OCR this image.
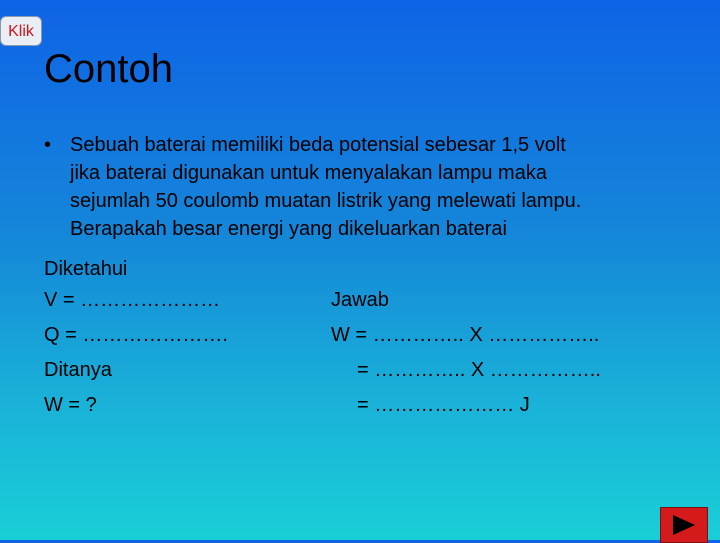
Klik
Contoh
• Sebuah baterai memiliki beda potensial sebesar 1,5 volt
jika baterai digunakan untuk menyalakan lampu maka
sejumlah 50 coulomb muatan listrik yang melewati lampu.
Berapakah besar energi yang dikeluarkan baterai
Diketahui
V = …………………
Q = ………………….
Ditanya
W = ?
Jawab
W = ………….. X ……………..
= ………….. X ……………..
= ………………… J
